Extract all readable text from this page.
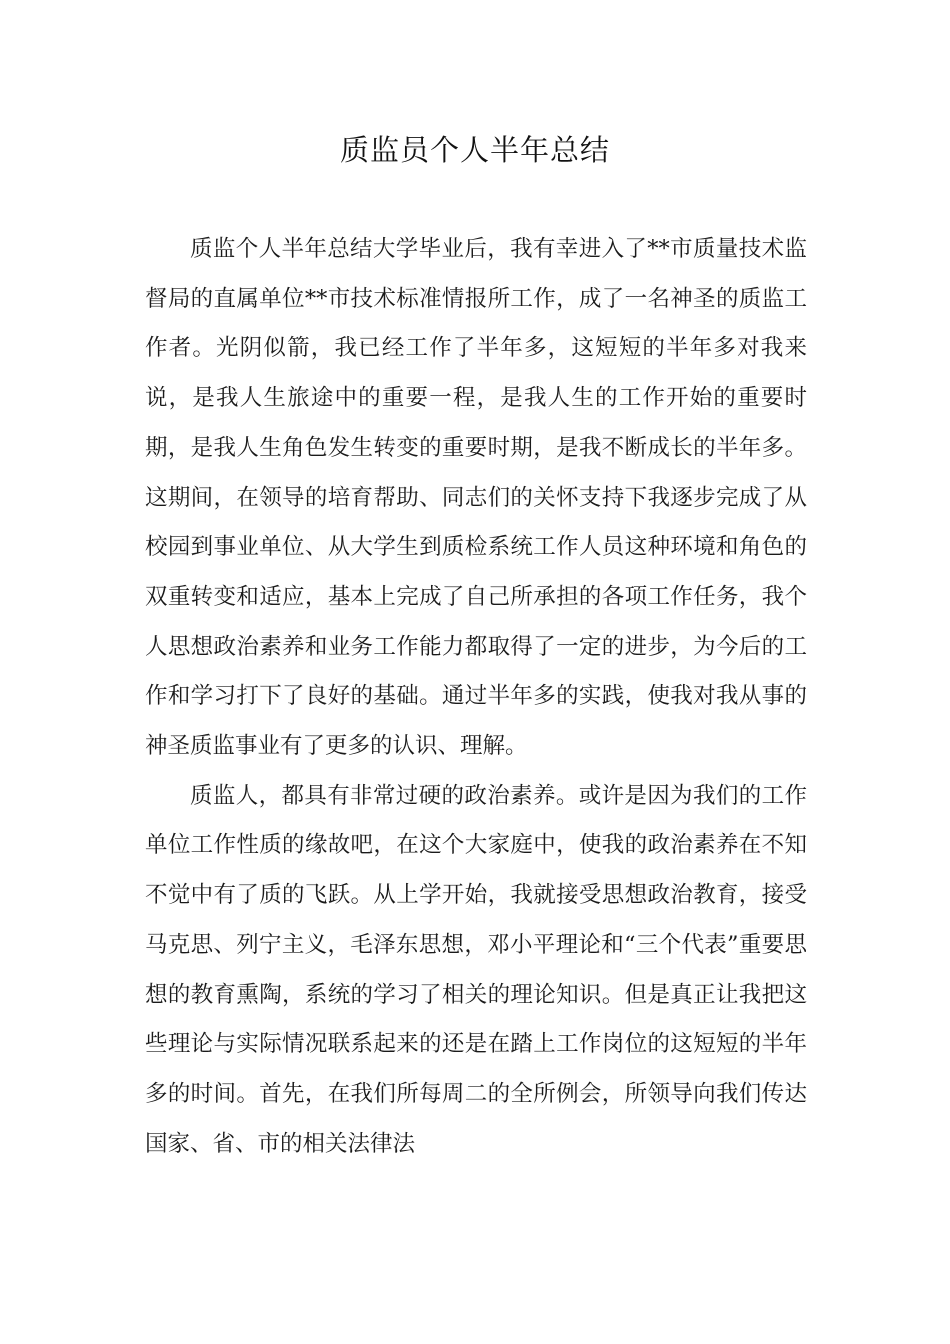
质监员个人半年总结

质监个人半年总结大学毕业后，我有幸进入了**市质量技术监督局的直属单位**市技术标准情报所工作，成了一名神圣的质监工作者。光阴似箭，我已经工作了半年多，这短短的半年多对我来说，是我人生旅途中的重要一程，是我人生的工作开始的重要时期，是我人生角色发生转变的重要时期，是我不断成长的半年多。这期间，在领导的培育帮助、同志们的关怀支持下我逐步完成了从校园到事业单位、从大学生到质检系统工作人员这种环境和角色的双重转变和适应，基本上完成了自己所承担的各项工作任务，我个人思想政治素养和业务工作能力都取得了一定的进步，为今后的工作和学习打下了良好的基础。通过半年多的实践，使我对我从事的神圣质监事业有了更多的认识、理解。

质监人，都具有非常过硬的政治素养。或许是因为我们的工作单位工作性质的缘故吧，在这个大家庭中，使我的政治素养在不知不觉中有了质的飞跃。从上学开始，我就接受思想政治教育，接受马克思、列宁主义，毛泽东思想，邓小平理论和“三个代表”重要思想的教育熏陶，系统的学习了相关的理论知识。但是真正让我把这些理论与实际情况联系起来的还是在踏上工作岗位的这短短的半年多的时间。首先，在我们所每周二的全所例会，所领导向我们传达国家、省、市的相关法律法
